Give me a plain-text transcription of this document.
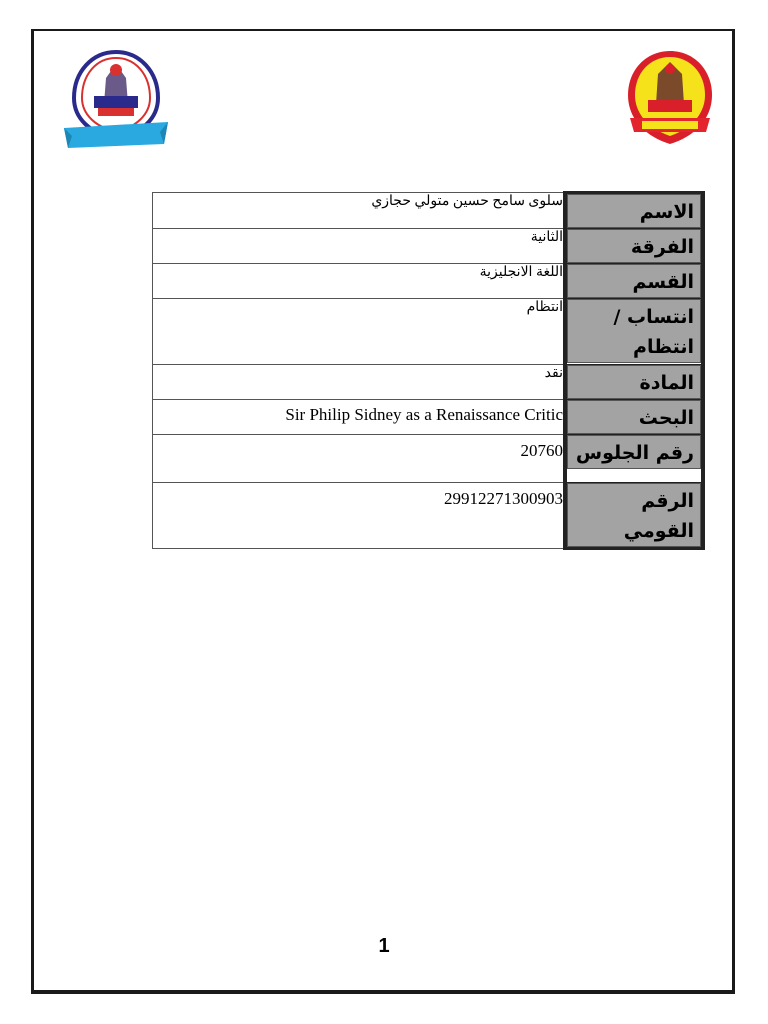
سلوى سامح حسين متولي حجازي	الاسم

الثانية	الفرقة

اللغة الانجليزية	القسم

انتظام	انتساب / انتظام

نقد	المادة

Sir Philip Sidney as a Renaissance Critic	البحث

20760	رقم الجلوس

29912271300903	الرقم القومي
1
